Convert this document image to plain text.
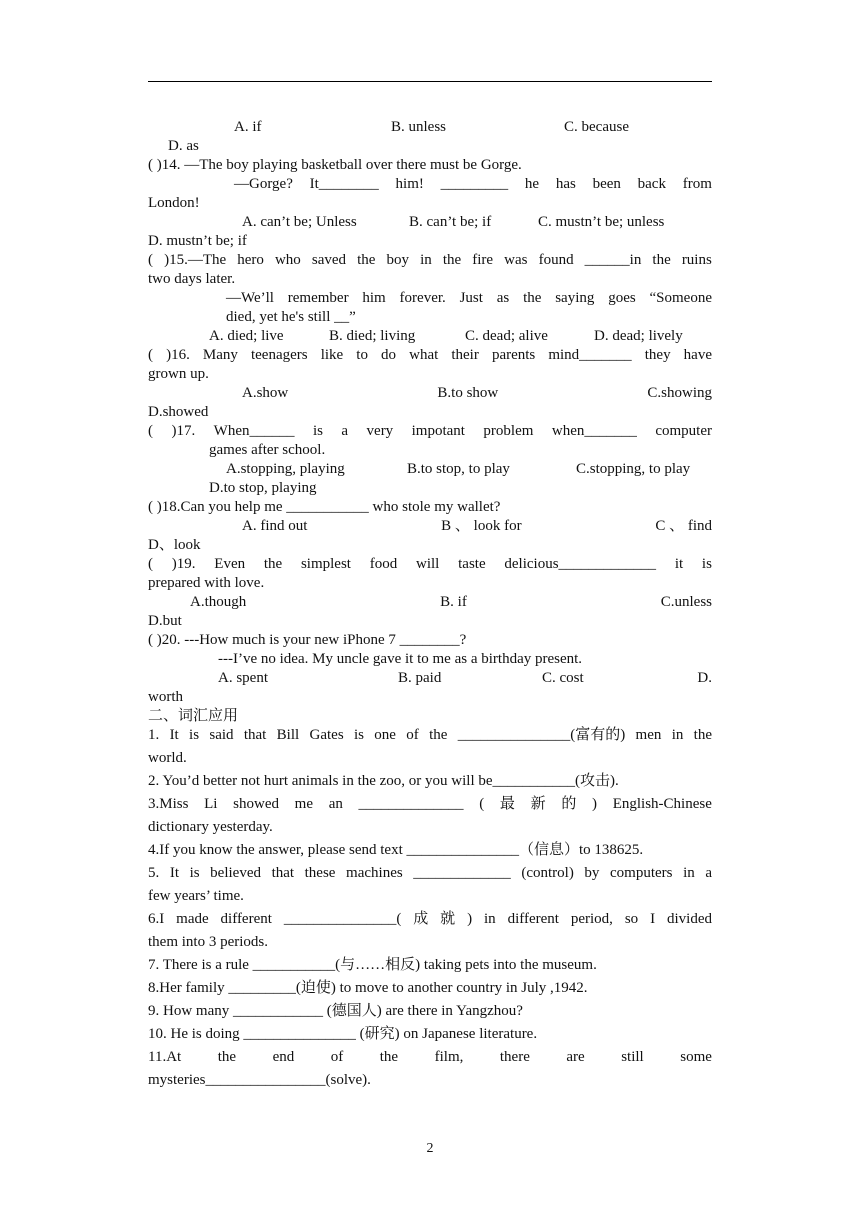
A. if	B. unless	C. because
D. as
( )14. —The boy playing basketball over there must be Gorge.
—Gorge? It________ him! _________ he has been back from
London!
A. can’t be; Unless	B. can’t be; if	C. mustn’t be; unless
D. mustn’t be; if
( )15.—The hero who saved the boy in the fire was found ______in the ruins
two days later.
—We’ll remember him forever. Just as the saying goes “Someone
died, yet he's still __”
A. died; live	B. died; living	C. dead; alive	D. dead; lively
( )16. Many teenagers like to do what their parents mind_______ they have
grown up.
A.show	B.to show	C.showing
D.showed
( )17. When______ is a very impotant problem when_______ computer
games after school.
A.stopping, playing	B.to stop, to play	C.stopping, to play
D.to stop, playing
( )18.Can you help me ___________ who stole my wallet?
A. find out	B 、 look for	C 、 find
D、look
( )19. Even the simplest food will taste delicious_____________ it is
prepared with love.
A.though	B. if	C.unless
D.but
( )20. ---How much is your new iPhone 7 ________?
---I’ve no idea. My uncle gave it to me as a birthday present.
A. spent	B. paid	C. cost	D.
worth
二、词汇应用
1. It is said that Bill Gates is one of the _______________(富有的) men in the
world.
2. You’d better not hurt animals in the zoo, or you will be___________(攻击).
3.Miss Li showed me an ______________ ( 最 新 的 ) English-Chinese
dictionary yesterday.
4.If you know the answer, please send text _______________（信息）to 138625.
5. It is believed that these machines _____________ (control) by computers in a
few years’ time.
6.I made different _______________( 成 就 ) in different period, so I divided
them into 3 periods.
7. There is a rule ___________(与……相反) taking pets into the museum.
8.Her family _________(迫使) to move to another country in July ,1942.
9. How many ____________ (德国人) are there in Yangzhou?
10. He is doing _______________ (研究) on Japanese literature.
11.At the end of the film, there are still some
mysteries________________(solve).
2
